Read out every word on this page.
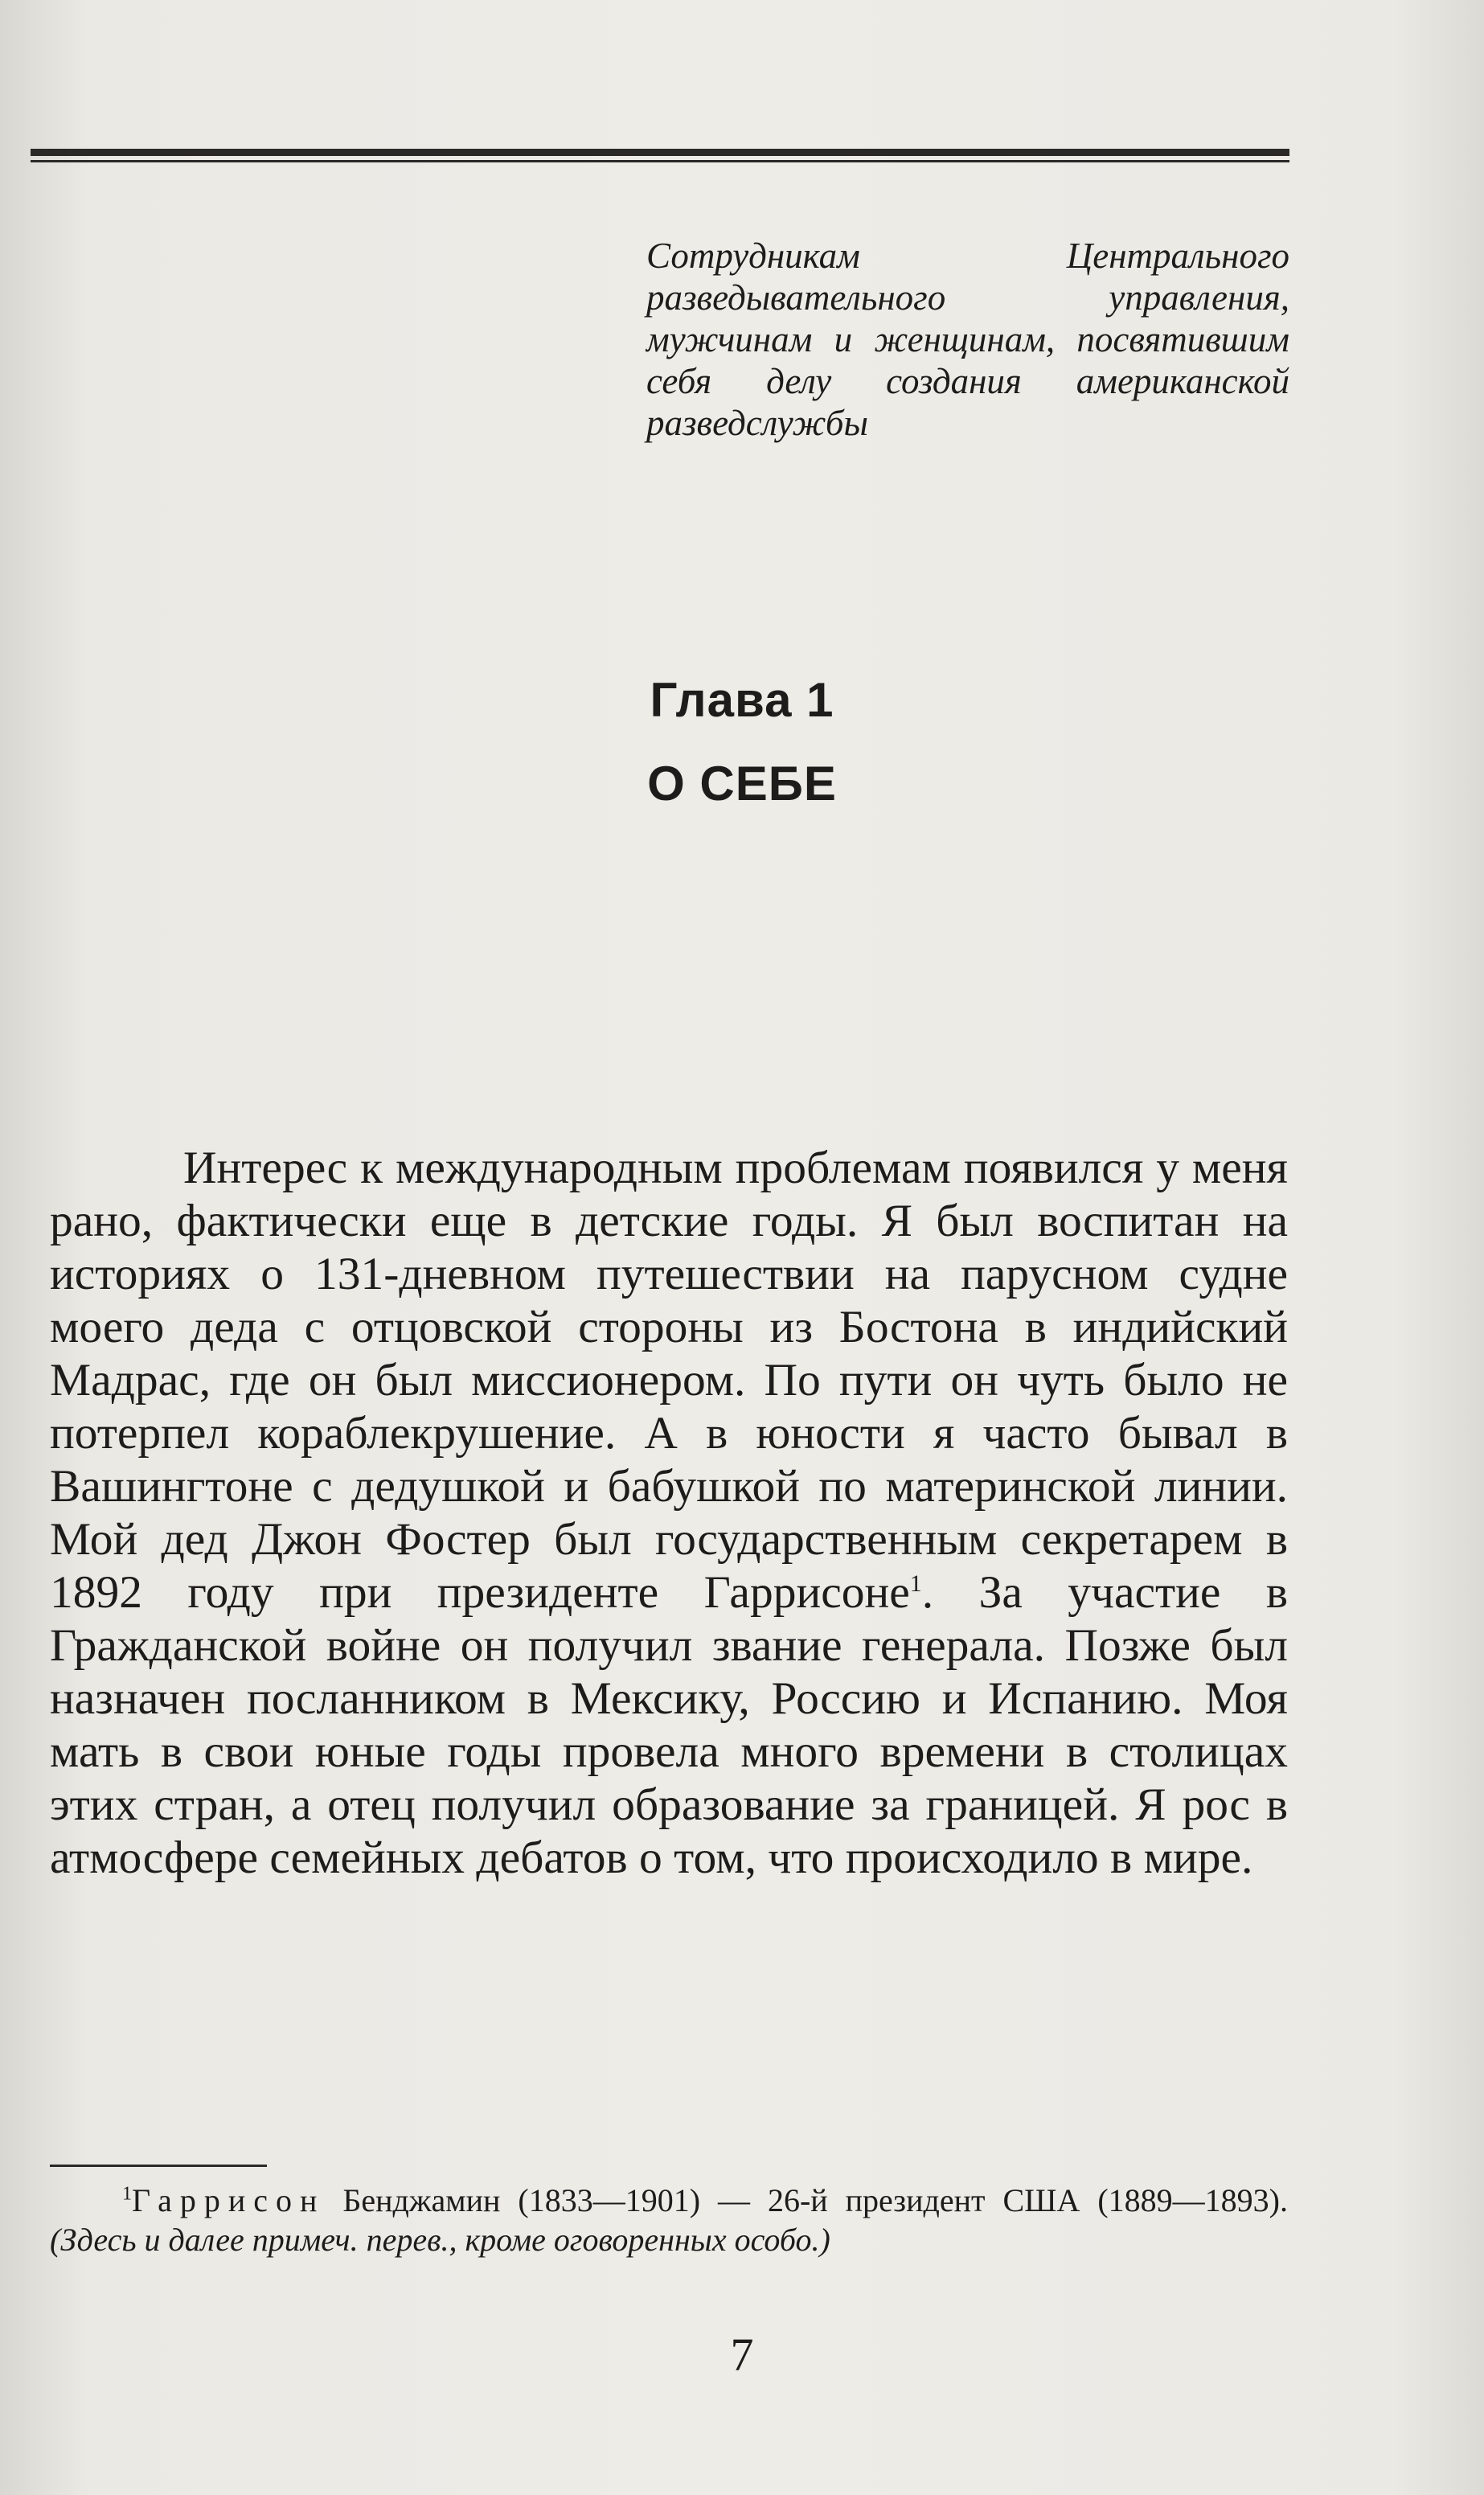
Сотрудникам Центрального разведывательного управления, мужчинам и женщинам, посвятившим себя делу создания американской разведслужбы
Глава 1
О СЕБЕ

Интерес к международным проблемам появился у меня рано, фактически еще в детские годы. Я был воспитан на историях о 131-дневном путешествии на парусном судне моего деда с отцовской стороны из Бостона в индийский Мадрас, где он был миссионером. По пути он чуть было не потерпел кораблекрушение. А в юности я часто бывал в Вашингтоне с дедушкой и бабушкой по материнской линии. Мой дед Джон Фостер был государственным секретарем в 1892 году при президенте Гаррисоне$^1$. За участие в Гражданской войне он получил звание генерала. Позже был назначен посланником в Мексику, Россию и Испанию. Моя мать в свои юные годы провела много времени в столицах этих стран, а отец получил образование за границей. Я рос в атмосфере семейных дебатов о том, что происходило в мире.

$^1$Гаррисон Бенджамин (1833—1901) — 26-й президент США (1889—1893). (Здесь и далее примеч. перев., кроме оговоренных особо.)

7
